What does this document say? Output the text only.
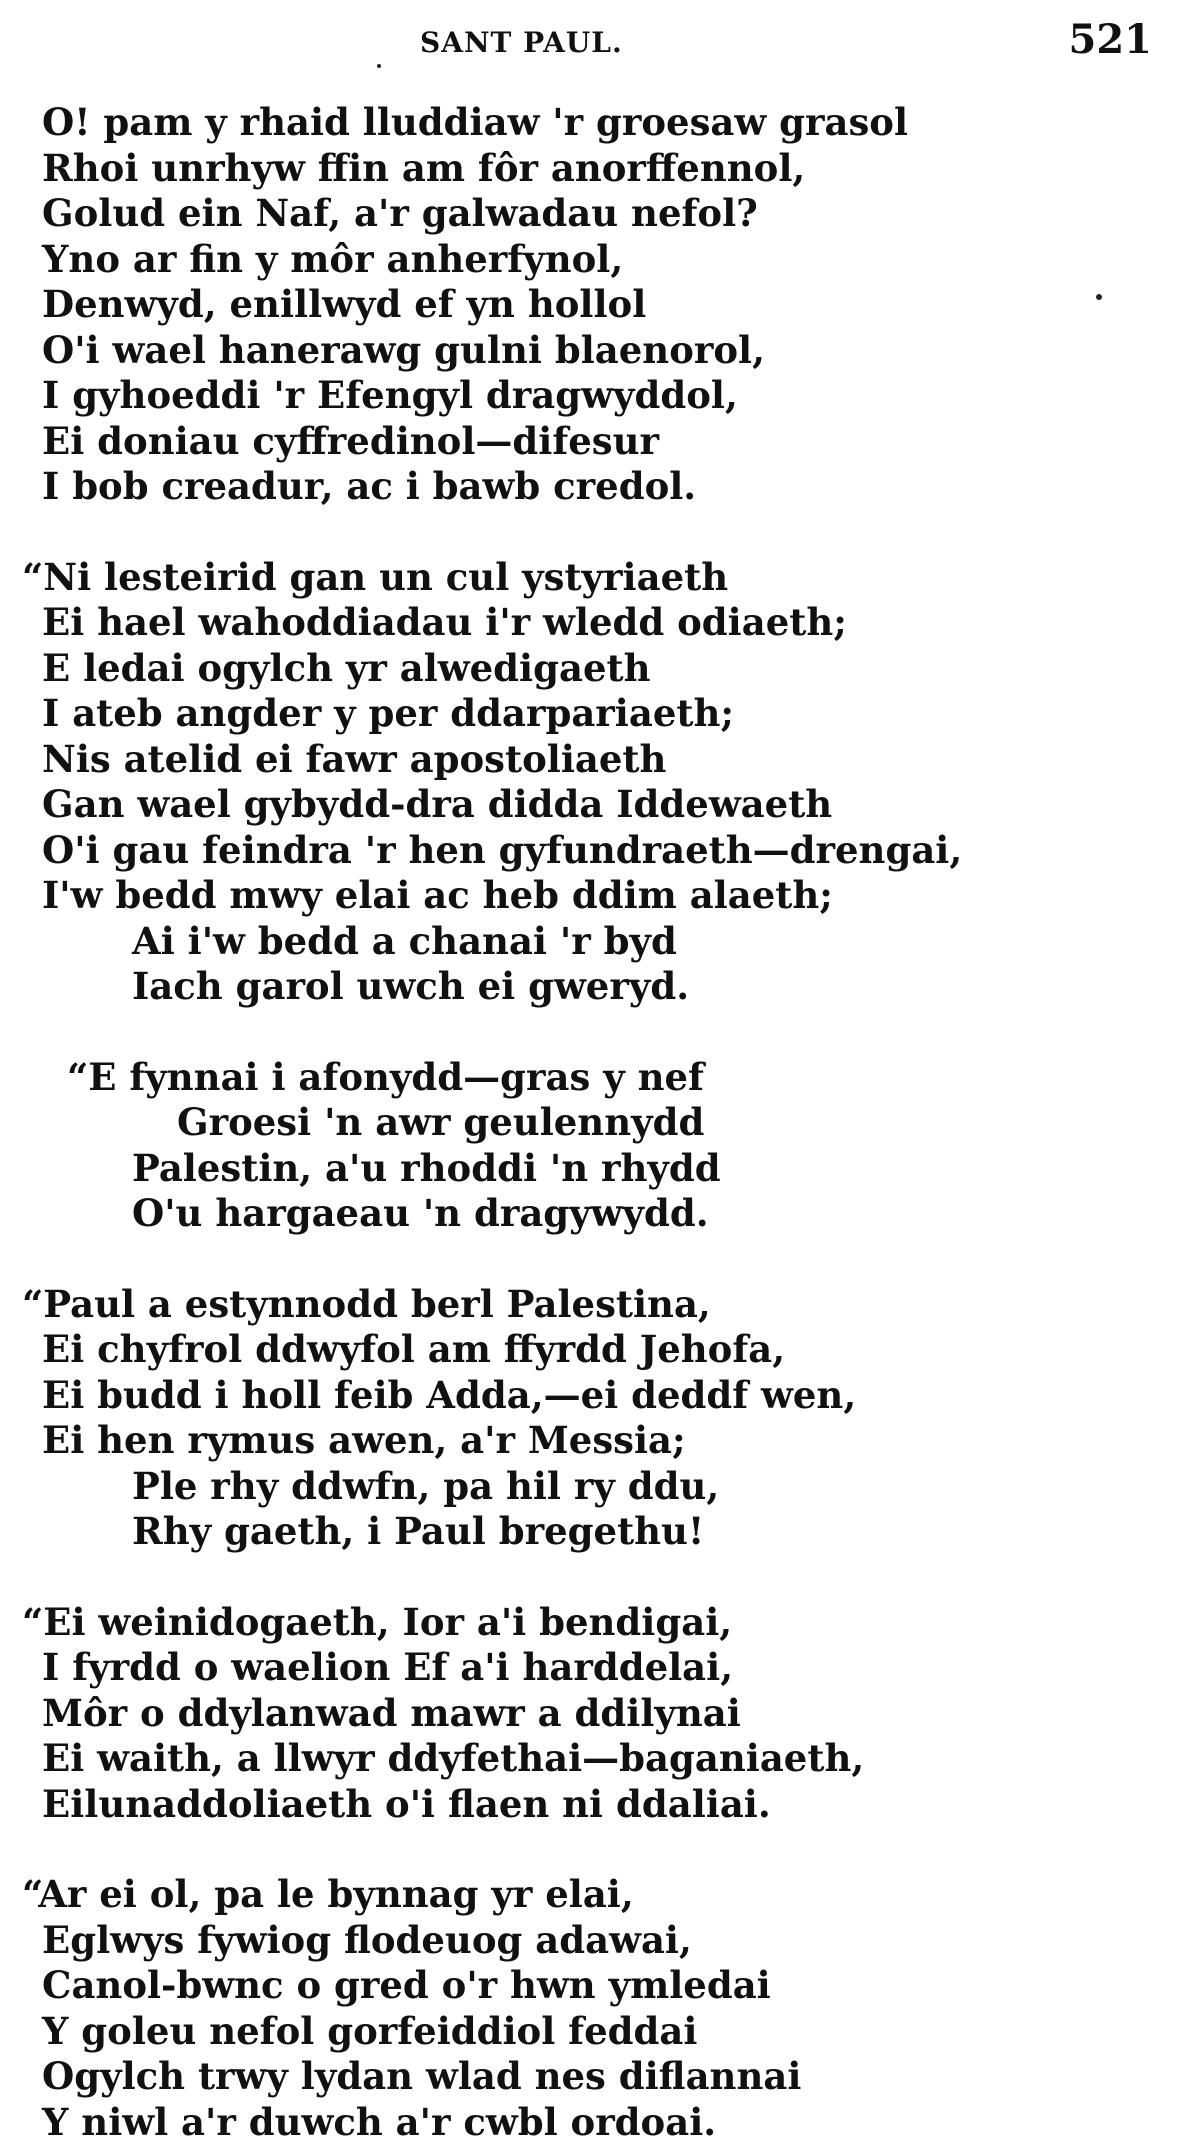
SANT PAUL.	521
O! pam y rhaid lluddiaw 'r groesaw grasol
Rhoi unrhyw ffin am fôr anorffennol,
Golud ein Naf, a'r galwadau nefol?
Yno ar fin y môr anherfynol,
Denwyd, enillwyd ef yn hollol
O'i wael hanerawg gulni blaenorol,
I gyhoeddi 'r Efengyl dragwyddol,
Ei doniau cyffredinol—difesur
I bob creadur, ac i bawb credol.
“Ni lesteirid gan un cul ystyriaeth
Ei hael wahoddiadau i'r wledd odiaeth;
E ledai ogylch yr alwedigaeth
I ateb angder y per ddarpariaeth;
Nis atelid ei fawr apostoliaeth
Gan wael gybydd-dra didda Iddewaeth
O'i gau feindra 'r hen gyfundraeth—drengai,
I'w bedd mwy elai ac heb ddim alaeth;
Ai i'w bedd a chanai 'r byd
Iach garol uwch ei gweryd.
“E fynnai i afonydd—gras y nef
Groesi 'n awr geulennydd
Palestin, a'u rhoddi 'n rhydd
O'u hargaeau 'n dragywydd.
“Paul a estynnodd berl Palestina,
Ei chyfrol ddwyfol am ffyrdd Jehofa,
Ei budd i holl feib Adda,—ei deddf wen,
Ei hen rymus awen, a'r Messia;
Ple rhy ddwfn, pa hil ry ddu,
Rhy gaeth, i Paul bregethu!
“Ei weinidogaeth, Ior a'i bendigai,
I fyrdd o waelion Ef a'i harddelai,
Môr o ddylanwad mawr a ddilynai
Ei waith, a llwyr ddyfethai—baganiaeth,
Eilunaddoliaeth o'i flaen ni ddaliai.
“Ar ei ol, pa le bynnag yr elai,
Eglwys fywiog flodeuog adawai,
Canol-bwnc o gred o'r hwn ymledai
Y goleu nefol gorfeiddiol feddai
Ogylch trwy lydan wlad nes diflannai
Y niwl a'r duwch a'r cwbl ordoai.
